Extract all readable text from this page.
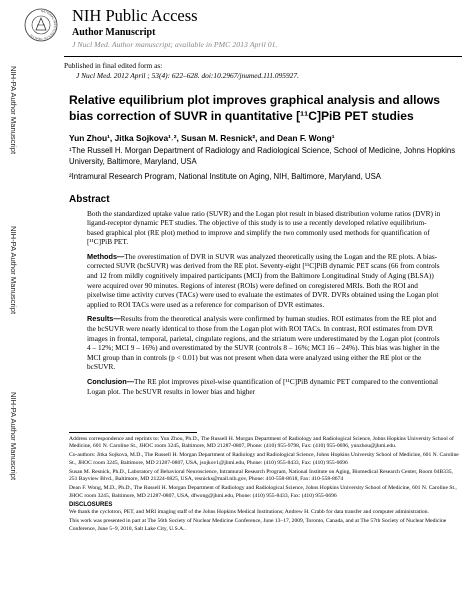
NIH-PA Author Manuscript
NIH-PA Author Manuscript
NIH-PA Author Manuscript
NATIONAL INSTITUTES OF HEALTH
NIH Public Access
Author Manuscript
J Nucl Med. Author manuscript; available in PMC 2013 April 01.
Published in final edited form as:
J Nucl Med. 2012 April ; 53(4): 622–628. doi:10.2967/jnumed.111.095927.
Relative equilibrium plot improves graphical analysis and allows bias correction of SUVR in quantitative [¹¹C]PiB PET studies
Yun Zhou¹, Jitka Sojkova¹˒², Susan M. Resnick², and Dean F. Wong¹
¹The Russell H. Morgan Department of Radiology and Radiological Science, School of Medicine, Johns Hopkins University, Baltimore, Maryland, USA
²Intramural Research Program, National Institute on Aging, NIH, Baltimore, Maryland, USA
Abstract

Both the standardized uptake value ratio (SUVR) and the Logan plot result in biased distribution volume ratios (DVR) in ligand-receptor dynamic PET studies. The objective of this study is to use a recently developed relative equilibrium-based graphical plot (RE plot) method to improve and simplify the two commonly used methods for quantification of [¹¹C]PiB PET.

Methods—The overestimation of DVR in SUVR was analyzed theoretically using the Logan and the RE plots. A bias-corrected SUVR (bcSUVR) was derived from the RE plot. Seventy-eight [¹¹C]PiB dynamic PET scans (66 from controls and 12 from mildly cognitively impaired participants (MCI) from the Baltimore Longitudinal Study of Aging (BLSA)) were acquired over 90 minutes. Regions of interest (ROIs) were defined on coregistered MRIs. Both the ROI and pixelwise time activity curves (TACs) were used to evaluate the estimates of DVR. DVRs obtained using the Logan plot applied to ROI TACs were used as a reference for comparison of DVR estimates.

Results—Results from the theoretical analysis were confirmed by human studies. ROI estimates from the RE plot and the bcSUVR were nearly identical to those from the Logan plot with ROI TACs. In contrast, ROI estimates from DVR images in frontal, temporal, parietal, cingulate regions, and the striatum were underestimated by the Logan plot (controls 4 – 12%; MCI 9 – 16%) and overestimated by the SUVR (controls 8 – 16%; MCI 16 – 24%). This bias was higher in the MCI group than in controls (p < 0.01) but was not present when data were analyzed using either the RE plot or the bcSUVR.

Conclusion—The RE plot improves pixel-wise quantification of [¹¹C]PiB dynamic PET compared to the conventional Logan plot. The bcSUVR results in lower bias and higher

Address correspondence and reprints to: Yun Zhou, Ph.D., The Russell H. Morgan Department of Radiology and Radiological Science, Johns Hopkins University School of Medicine, 601 N. Caroline St., JHOC room 3245, Baltimore, MD 21287-0807, Phone: (410) 955-9798, Fax: (410) 955-0696, yunzhou@jhmi.edu.

Co-authors: Jitka Sojkova, M.D., The Russell H. Morgan Department of Radiology and Radiological Science, Johns Hopkins University School of Medicine, 601 N. Caroline St., JHOC room 3245, Baltimore, MD 21287-0807, USA, jsojkov1@jhmi.edu, Phone: (410) 955-8433, Fax: (410) 955-0696

Susan M. Resnick, Ph.D., Laboratory of Behavioral Neuroscience, Intramural Research Program, National Institute on Aging, Biomedical Research Center, Room 04B335, 251 Bayview Blvd., Baltimore, MD 21224-6825, USA, resnicks@mail.nih.gov, Phone: 410-558-8618, Fax: 410-558-8674

Dean F. Wong, M.D., Ph.D., The Russell H. Morgan Department of Radiology and Radiological Science, Johns Hopkins University School of Medicine, 601 N. Caroline St., JHOC room 3245, Baltimore, MD 21287-0807, USA, dfwong@jhmi.edu, Phone: (410) 955-8433, Fax: (410) 955-0696

DISCLOSURES

We thank the cyclotron, PET, and MRI imaging staff of the Johns Hopkins Medical Institutions; Andrew H. Crabb for data transfer and computer administration.

This work was presented in part at The 56th Society of Nuclear Medicine Conference, June 13–17, 2009, Toronto, Canada, and at The 57th Society of Nuclear Medicine Conference, June 5–9, 2010, Salt Lake City, U.S.A..
